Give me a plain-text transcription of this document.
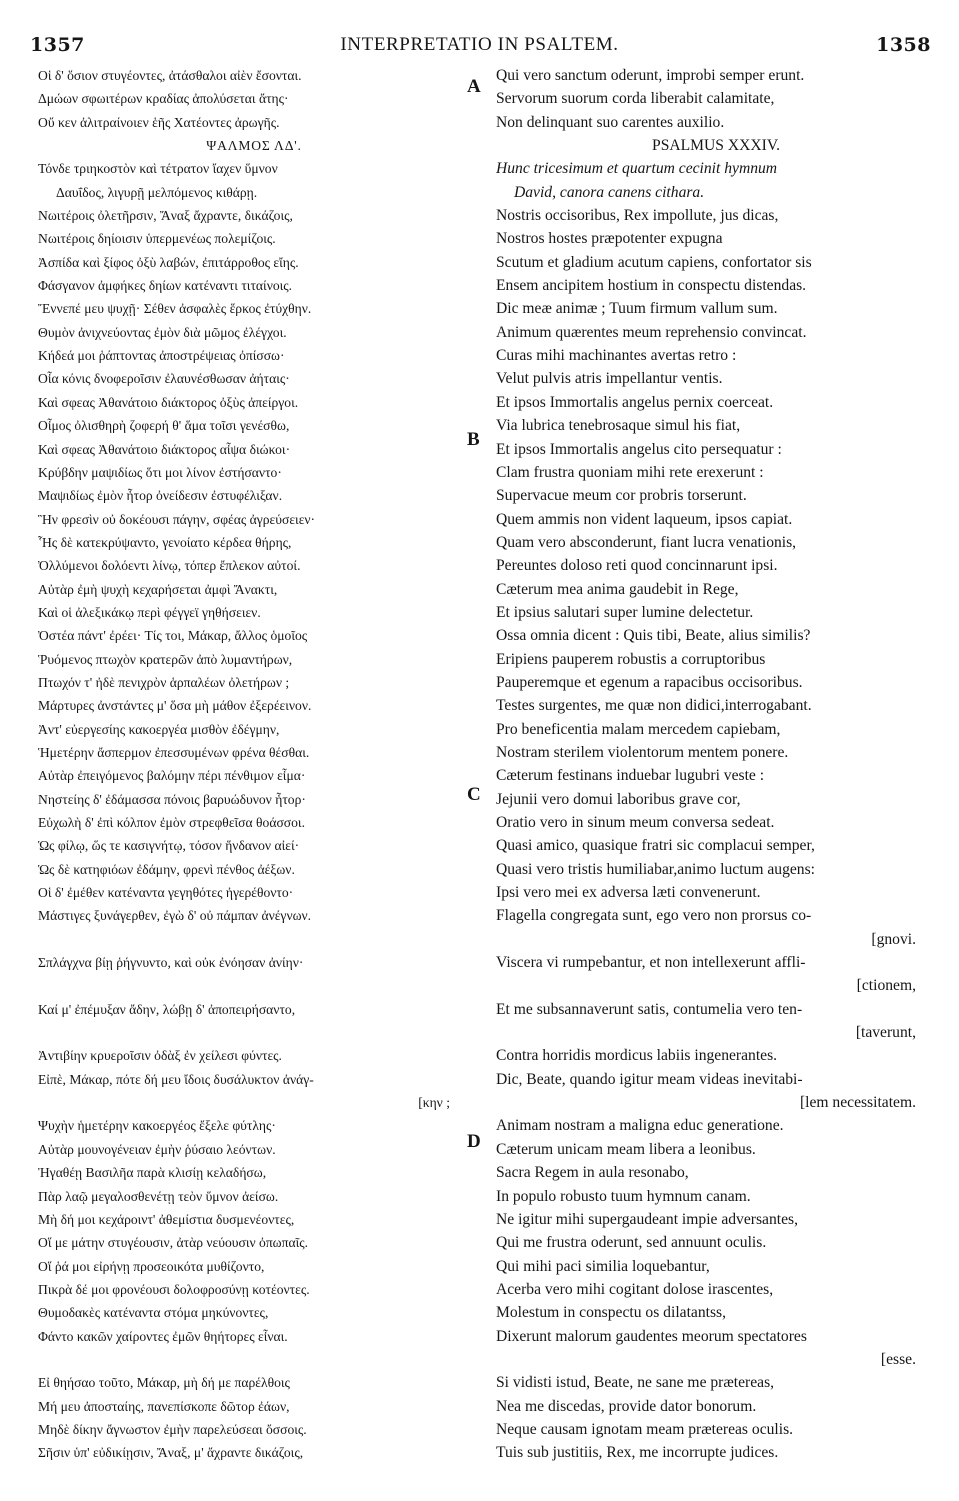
1357	INTERPRETATIO IN PSALTEM.	1358
Οἱ δ' ὅσιον στυγέοντες, ἀτάσθαλοι αἰὲν ἔσονται.
Δμώων σφωιτέρων κραδίας ἀπολύσεται ἄτης·
Οὔ κεν ἀλιτραίνοιεν ἑῆς Χατέοντες ἀρωγῆς.
ΨΑΛΜΟΣ ΛΔ'.
Τόνδε τριηκοστὸν καὶ τέτρατον ἴαχεν ὕμνον
Δαυΐδος, λιγυρῇ μελπόμενος κιθάρῃ.
Νωιτέροις ὀλετῆρσιν, Ἄναξ ἄχραντε, δικάζοις,
Νωιτέροις δηίοισιν ὑπερμενέως πολεμίζοις.
Ἀσπίδα καὶ ξίφος ὀξὺ λαβών, ἐπιτάρροθος εἴης.
Φάσγανον ἀμφήκες δηίων κατέναντι τιταίνοις.
Ἔννεπέ μευ ψυχῇ· Σέθεν ἀσφαλὲς ἕρκος ἐτύχθην.
Θυμὸν ἀνιχνεύοντας ἐμὸν διὰ μῶμος ἐλέγχοι.
Κήδεά μοι ῥάπτοντας ἀποστρέψειας ὀπίσσω·
Οἷα κόνις δνοφεροῖσιν ἐλαυνέσθωσαν ἀήταις·
Καὶ σφεας Ἀθανάτοιο διάκτορος ὀξὺς ἀπείργοι.
Οἶμος ὀλισθηρὴ ζοφερή θ' ἅμα τοῖσι γενέσθω,
Καὶ σφεας Ἀθανάτοιο διάκτορος αἶψα διώκοι·
Κρύβδην μαψιδίως ὅτι μοι λίνον ἐστήσαντο·
Μαψιδίως ἐμὸν ἦτορ ὀνείδεσιν ἐστυφέλιξαν.
Ἣν φρεσὶν οὐ δοκέουσι πάγην, σφέας ἀγρεύσειεν·
Ἧς δὲ κατεκρύψαντο, γενοίατο κέρδεα θήρης,
Ὀλλύμενοι δολόεντι λίνῳ, τόπερ ἔπλεκον αὐτοί.
Αὐτὰρ ἐμὴ ψυχὴ κεχαρήσεται ἀμφὶ Ἄνακτι,
Καὶ οἱ ἀλεξικάκῳ περὶ φέγγεϊ γηθήσειεν.
Ὀστέα πάντ' ἐρέει· Τίς τοι, Μάκαρ, ἄλλος ὁμοῖος
Ῥυόμενος πτωχὸν κρατερῶν ἀπὸ λυμαντήρων,
Πτωχόν τ' ἠδὲ πενιχρὸν ἁρπαλέων ὀλετήρων ;
Μάρτυρες ἀνστάντες μ' ὅσα μὴ μάθον ἐξερέεινον.
Ἀντ' εὐεργεσίης κακοεργέα μισθὸν ἐδέγμην,
Ἡμετέρην ἄσπερμον ἐπεσσυμένων φρένα θέσθαι.
Αὐτὰρ ἐπειγόμενος βαλόμην πέρι πένθιμον εἶμα·
Νηστείης δ' ἐδάμασσα πόνοις βαρυώδυνον ἦτορ·
Εὐχωλὴ δ' ἐπὶ κόλπον ἐμὸν στρεφθεῖσα θοάσσοι.
Ὡς φίλῳ, ὥς τε κασιγνήτῳ, τόσον ἥνδανον αἰεί·
Ὡς δὲ κατηφιόων ἐδάμην, φρενὶ πένθος ἀέξων.
Οἱ δ' ἐμέθεν κατέναντα γεγηθότες ἠγερέθοντο·
Μάστιγες ξυνάγερθεν, ἐγὼ δ' οὐ πάμπαν ἀνέγνων.
Σπλάγχνα βίῃ ῥήγνυντο, καὶ οὐκ ἐνόησαν ἀνίην·
Καί μ' ἐπέμυξαν ἄδην, λώβῃ δ' ἀποπειρήσαντο,
Ἀντιβίην κρυεροῖσιν ὀδὰξ ἐν χείλεσι φύντες.
Εἰπὲ, Μάκαρ, πότε δή μευ ἴδοις δυσάλυκτον ἀνάγ-
[κην ;
Ψυχὴν ἡμετέρην κακοεργέος ἔξελε φύτλης·
Αὐτὰρ μουνογένειαν ἐμὴν ῥύσαιο λεόντων.
Ἠγαθέῃ Βασιλῆα παρὰ κλισίῃ κελαδήσω,
Πὰρ λαῷ μεγαλοσθενέτῃ τεὸν ὕμνον ἀείσω.
Μὴ δή μοι κεχάροιντ' ἀθεμίστια δυσμενέοντες,
Οἵ με μάτην στυγέουσιν, ἀτὰρ νεύουσιν ὀπωπαῖς.
Οἵ ῥά μοι εἰρήνῃ προσεοικότα μυθίζοντο,
Πικρὰ δέ μοι φρονέουσι δολοφροσύνῃ κοτέοντες.
Θυμοδακὲς κατέναντα στόμα μηκύνοντες,
Φάντο κακῶν χαίροντες ἐμῶν θηήτορες εἶναι.
Εἰ θηήσαο τοῦτο, Μάκαρ, μὴ δή με παρέλθοις
Μή μευ ἀποσταίης, πανεπίσκοπε δῶτορ ἐάων,
Μηδὲ δίκην ἄγνωστον ἐμὴν παρελεύσεαι ὄσσοις.
Σῆσιν ὑπ' εὐδικίῃσιν, Ἄναξ, μ' ἄχραντε δικάζοις,
Qui vero sanctum oderunt, improbi semper erunt.
Servorum suorum corda liberabit calamitate,
Non delinquant suo carentes auxilio.
PSALMUS XXXIV.
Hunc tricesimum et quartum cecinit hymnum
David, canora canens cithara.
Nostris occisoribus, Rex impollute, jus dicas,
Nostros hostes præpotenter expugna
Scutum et gladium acutum capiens, confortator sis
Ensem ancipitem hostium in conspectu distendas.
Dic meæ animæ ; Tuum firmum vallum sum.
Animum quærentes meum reprehensio convincat.
Curas mihi machinantes avertas retro :
Velut pulvis atris impellantur ventis.
Et ipsos Immortalis angelus pernix coerceat.
Via lubrica tenebrosaque simul his fiat,
Et ipsos Immortalis angelus cito persequatur :
Clam frustra quoniam mihi rete erexerunt :
Supervacue meum cor probris torserunt.
Quem ammis non vident laqueum, ipsos capiat.
Quam vero absconderunt, fiant lucra venationis,
Pereuntes doloso reti quod concinnarunt ipsi.
Cæterum mea anima gaudebit in Rege,
Et ipsius salutari super lumine delectetur.
Ossa omnia dicent : Quis tibi, Beate, alius similis?
Eripiens pauperem robustis a corruptoribus
Pauperemque et egenum a rapacibus occisoribus.
Testes surgentes, me quæ non didici,interrogabant.
Pro beneficentia malam mercedem capiebam,
Nostram sterilem violentorum mentem ponere.
Cæterum festinans induebar lugubri veste :
Jejunii vero domui laboribus grave cor,
Oratio vero in sinum meum conversa sedeat.
Quasi amico, quasique fratri sic complacui semper,
Quasi vero tristis humiliabar,animo luctum augens:
Ipsi vero mei ex adversa læti convenerunt.
Flagella congregata sunt, ego vero non prorsus co-
[gnovi.
Viscera vi rumpebantur, et non intellexerunt affli-
[ctionem,
Et me subsannaverunt satis, contumelia vero ten-
[taverunt,
Contra horridis mordicus labiis ingenerantes.
Dic, Beate, quando igitur meam videas inevitabi-
[lem necessitatem.
Animam nostram a maligna educ generatione.
Cæterum unicam meam libera a leonibus.
Sacra Regem in aula resonabo,
In populo robusto tuum hymnum canam.
Ne igitur mihi supergaudeant impie adversantes,
Qui me frustra oderunt, sed annuunt oculis.
Qui mihi paci similia loquebantur,
Acerba vero mihi cogitant dolose irascentes,
Molestum in conspectu os dilatantss,
Dixerunt malorum gaudentes meorum spectatores
[esse.
Si vidisti istud, Beate, ne sane me prætereas,
Nea me discedas, provide dator bonorum.
Neque causam ignotam meam prætereas oculis.
Tuis sub justitiis, Rex, me incorrupte judices.
A
B
C
D
